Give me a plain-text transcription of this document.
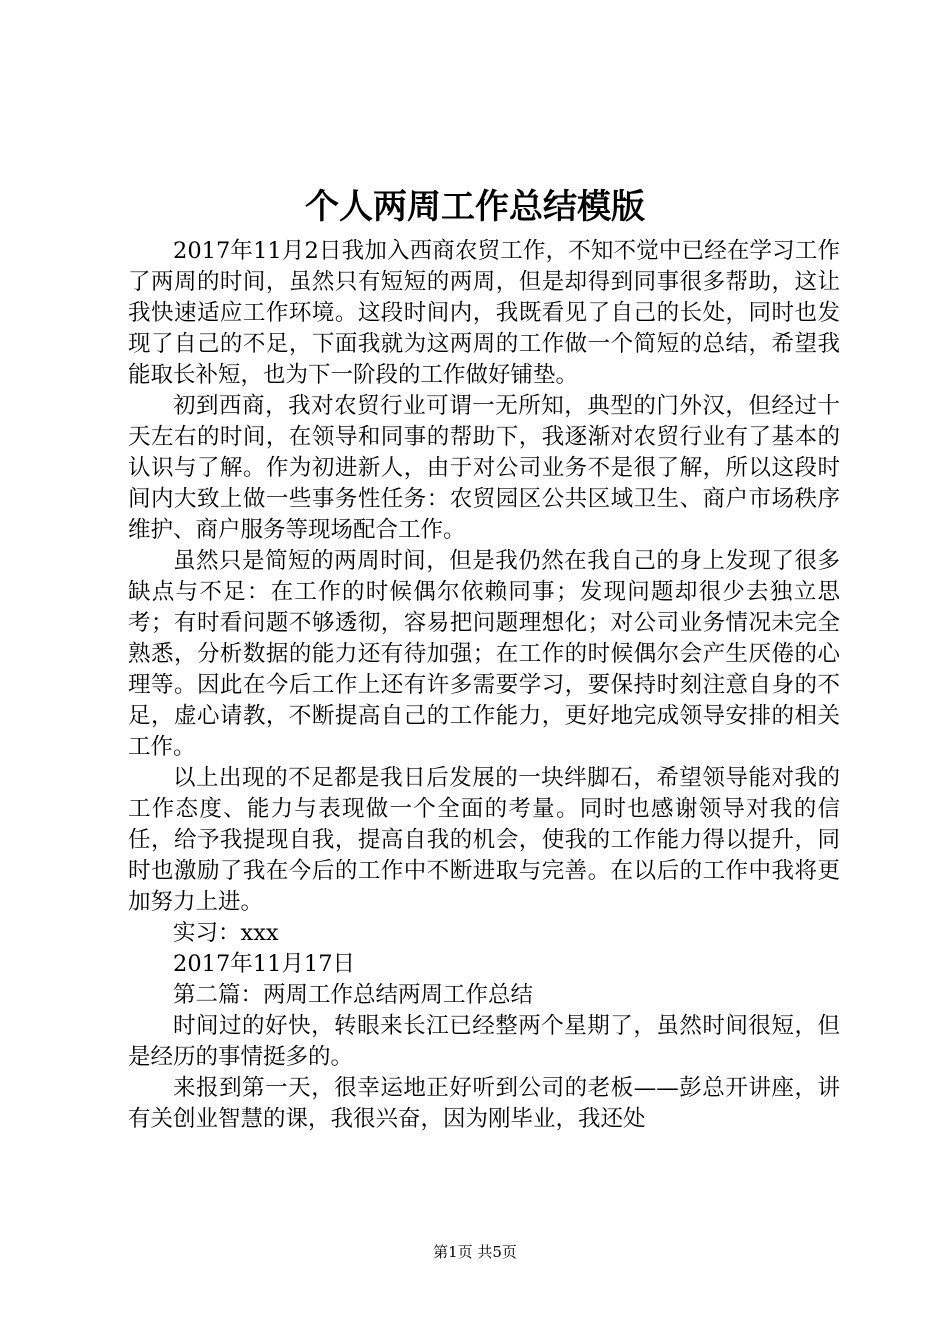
个人两周工作总结模版

2017年11月2日我加入西商农贸工作，不知不觉中已经在学习工作了两周的时间，虽然只有短短的两周，但是却得到同事很多帮助，这让我快速适应工作环境。这段时间内，我既看见了自己的长处，同时也发现了自己的不足，下面我就为这两周的工作做一个简短的总结，希望我能取长补短，也为下一阶段的工作做好铺垫。

初到西商，我对农贸行业可谓一无所知，典型的门外汉，但经过十天左右的时间，在领导和同事的帮助下，我逐渐对农贸行业有了基本的认识与了解。作为初进新人，由于对公司业务不是很了解，所以这段时间内大致上做一些事务性任务：农贸园区公共区域卫生、商户市场秩序维护、商户服务等现场配合工作。

虽然只是简短的两周时间，但是我仍然在我自己的身上发现了很多缺点与不足：在工作的时候偶尔依赖同事；发现问题却很少去独立思考；有时看问题不够透彻，容易把问题理想化；对公司业务情况未完全熟悉，分析数据的能力还有待加强；在工作的时候偶尔会产生厌倦的心理等。因此在今后工作上还有许多需要学习，要保持时刻注意自身的不足，虚心请教，不断提高自己的工作能力，更好地完成领导安排的相关工作。

以上出现的不足都是我日后发展的一块绊脚石，希望领导能对我的工作态度、能力与表现做一个全面的考量。同时也感谢领导对我的信任，给予我提现自我，提高自我的机会，使我的工作能力得以提升，同时也激励了我在今后的工作中不断进取与完善。在以后的工作中我将更加努力上进。

实习：xxx

2017年11月17日

第二篇：两周工作总结两周工作总结

时间过的好快，转眼来长江已经整两个星期了，虽然时间很短，但是经历的事情挺多的。

来报到第一天，很幸运地正好听到公司的老板——彭总开讲座，讲有关创业智慧的课，我很兴奋，因为刚毕业，我还处

第1页 共5页
